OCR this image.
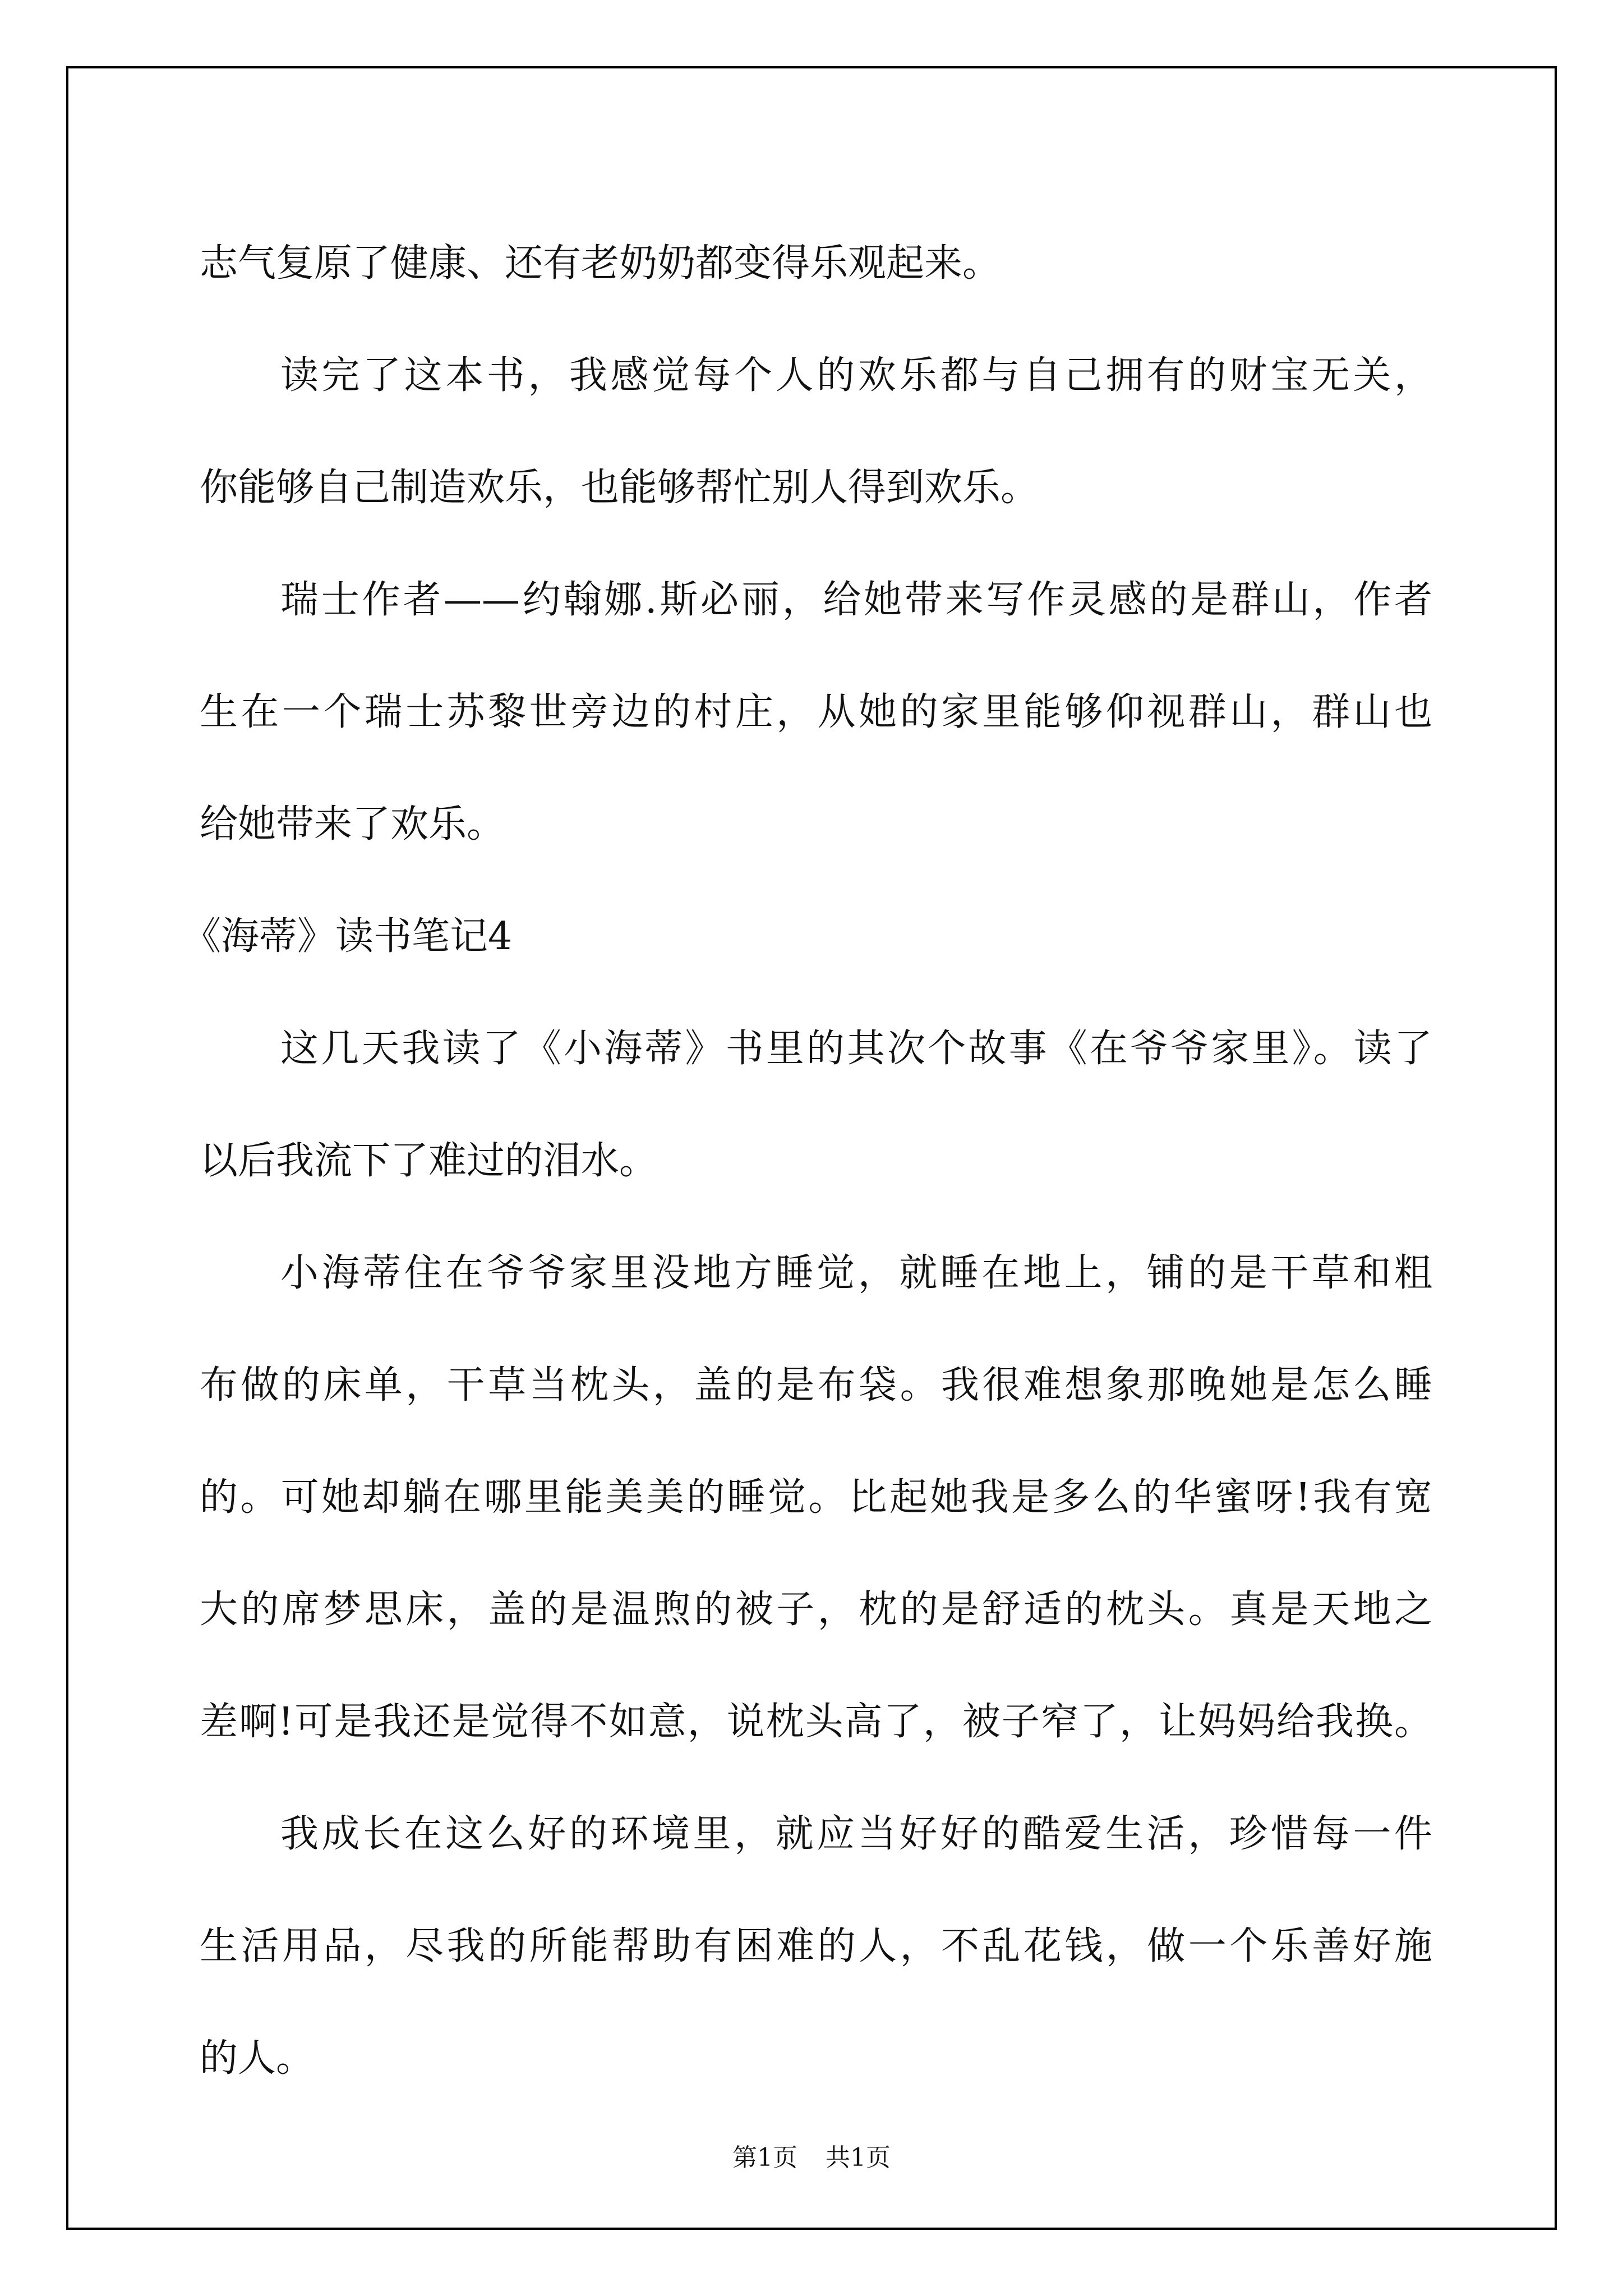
志气复原了健康、还有老奶奶都变得乐观起来。
读完了这本书，我感觉每个人的欢乐都与自己拥有的财宝无关，
你能够自己制造欢乐，也能够帮忙别人得到欢乐。
瑞士作者——约翰娜.斯必丽，给她带来写作灵感的是群山，作者
生在一个瑞士苏黎世旁边的村庄，从她的家里能够仰视群山，群山也
给她带来了欢乐。
《海蒂》读书笔记4
这几天我读了《小海蒂》书里的其次个故事《在爷爷家里》。读了
以后我流下了难过的泪水。
小海蒂住在爷爷家里没地方睡觉，就睡在地上，铺的是干草和粗
布做的床单，干草当枕头，盖的是布袋。我很难想象那晚她是怎么睡
的。可她却躺在哪里能美美的睡觉。比起她我是多么的华蜜呀!我有宽
大的席梦思床，盖的是温煦的被子，枕的是舒适的枕头。真是天地之
差啊!可是我还是觉得不如意，说枕头高了，被子窄了，让妈妈给我换。
我成长在这么好的环境里，就应当好好的酷爱生活，珍惜每一件
生活用品，尽我的所能帮助有困难的人，不乱花钱，做一个乐善好施
的人。
第1页 共1页
